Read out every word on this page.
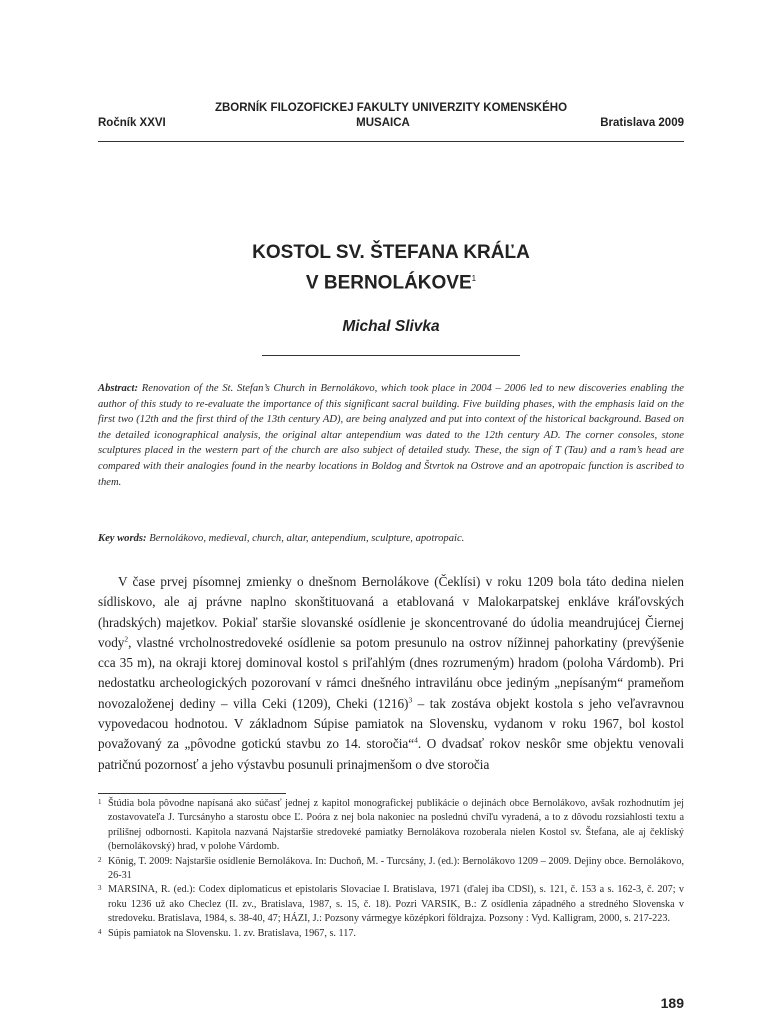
ZBORNÍK FILOZOFICKEJ FAKULTY UNIVERZITY KOMENSKÉHO
Ročník XXVI	MUSAICA	Bratislava 2009
KOSTOL SV. ŠTEFANA KRÁĽA
V BERNOLÁKOVE$^1$
Michal Slivka
Abstract: Renovation of the St. Stefan’s Church in Bernolákovo, which took place in 2004 – 2006 led to new discoveries enabling the author of this study to re-evaluate the importance of this significant sacral building. Five building phases, with the emphasis laid on the first two (12th and the first third of the 13th century AD), are being analyzed and put into context of the historical background. Based on the detailed iconographical analysis, the original altar antependium was dated to the 12th century AD. The corner consoles, stone sculptures placed in the western part of the church are also subject of detailed study. These, the sign of T (Tau) and a ram’s head are compared with their analogies found in the nearby locations in Boldog and Štvrtok na Ostrove and an apotropaic function is ascribed to them.
Key words: Bernolákovo, medieval, church, altar, antependium, sculpture, apotropaic.

V čase prvej písomnej zmienky o dnešnom Bernolákove (Čeklísi) v roku 1209 bola táto dedina nielen sídliskovo, ale aj právne naplno skonštituovaná a etablovaná v Malokarpatskej enkláve kráľovských (hradských) majetkov. Pokiaľ staršie slovanské osídlenie je skoncentrované do údolia meandrujúcej Čiernej vody$^2$, vlastné vrcholnostredoveké osídlenie sa potom presunulo na ostrov nížinnej pahorkatiny (prevýšenie cca 35 m), na okraji ktorej dominoval kostol s priľahlým (dnes rozrumeným) hradom (poloha Várdomb). Pri nedostatku archeologických pozorovaní v rámci dnešného intravilánu obce jediným „nepísaným“ prameňom novozaloženej dediny – villa Ceki (1209), Cheki $(1216)^3$ – tak zostáva objekt kostola s jeho veľavravnou vypovedacou hodnotou. V základnom Súpise pamiatok na Slovensku, vydanom v roku 1967, bol kostol považovaný za „pôvodne gotickú stavbu zo 14. storočia“$^4$. O dvadsať rokov neskôr sme objektu venovali patričnú pozornosť a jeho výstavbu posunuli prinajmenšom o dve storočia

1 Štúdia bola pôvodne napísaná ako súčasť jednej z kapitol monografickej publikácie o dejinách obce Bernolákovo, avšak rozhodnutím jej zostavovateľa J. Turcsányho a starostu obce Ľ. Poóra z nej bola nakoniec na poslednú chvíľu vyradená, a to z dôvodu rozsiahlosti textu a prílišnej odbornosti. Kapitola nazvaná Najstaršie stredoveké pamiatky Bernolákova rozoberala nielen Kostol sv. Štefana, ale aj čeklíský (bernolákovský) hrad, v polohe Várdomb.

2 König, T. 2009: Najstaršie osídlenie Bernolákova. In: Duchoň, M. - Turcsány, J. (ed.): Bernolákovo 1209 – 2009. Dejiny obce. Bernolákovo, 26-31

3 MARSINA, R. (ed.): Codex diplomaticus et epistolaris Slovaciae I. Bratislava, 1971 (ďalej iba CDSl), s. 121, č. 153 a s. 162-3, č. 207; v roku 1236 už ako Checlez (II. zv., Bratislava, 1987, s. 15, č. 18). Pozri VARSIK, B.: Z osídlenia západného a stredného Slovenska v stredoveku. Bratislava, 1984, s. 38-40, 47; HÁZI, J.: Pozsony vármegye középkori földrajza. Pozsony : Vyd. Kalligram, 2000, s. 217-223.

4 Súpis pamiatok na Slovensku. 1. zv. Bratislava, 1967, s. 117.

189
